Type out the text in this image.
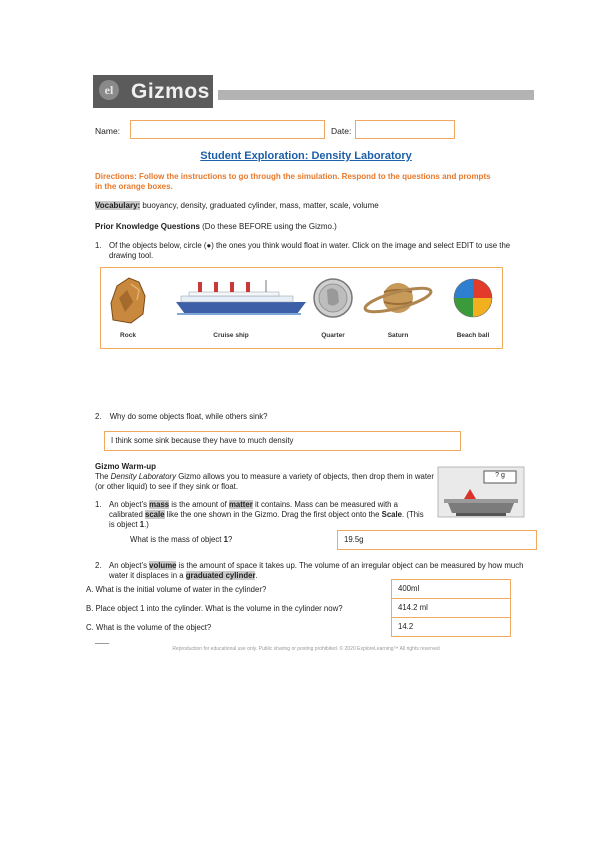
el Gizmos
Name:	Date:
Student Exploration: Density Laboratory
Directions: Follow the instructions to go through the simulation. Respond to the questions and prompts in the orange boxes.
Vocabulary: buoyancy, density, graduated cylinder, mass, matter, scale, volume
Prior Knowledge Questions (Do these BEFORE using the Gizmo.)
1. Of the objects below, circle (●) the ones you think would float in water. Click on the image and select EDIT to use the drawing tool.
Rock	Cruise ship	Quarter	Saturn	Beach ball
2. Why do some objects float, while others sink?
I think some sink because they have to much density
Gizmo Warm-up
The Density Laboratory Gizmo allows you to measure a variety of objects, then drop them in water (or other liquid) to see if they sink or float.
? g
1. An object’s mass is the amount of matter it contains. Mass can be measured with a calibrated scale like the one shown in the Gizmo. Drag the first object onto the Scale. (This is object 1.)
What is the mass of object 1?	19.5g
2. An object’s volume is the amount of space it takes up. The volume of an irregular object can be measured by how much water it displaces in a graduated cylinder.
A. What is the initial volume of water in the cylinder?	400ml
B. Place object 1 into the cylinder. What is the volume in the cylinder now?	414.2 ml
C. What is the volume of the object?	14.2
Reproduction for educational use only. Public sharing or posting prohibited. © 2020 ExploreLearning™ All rights reserved
